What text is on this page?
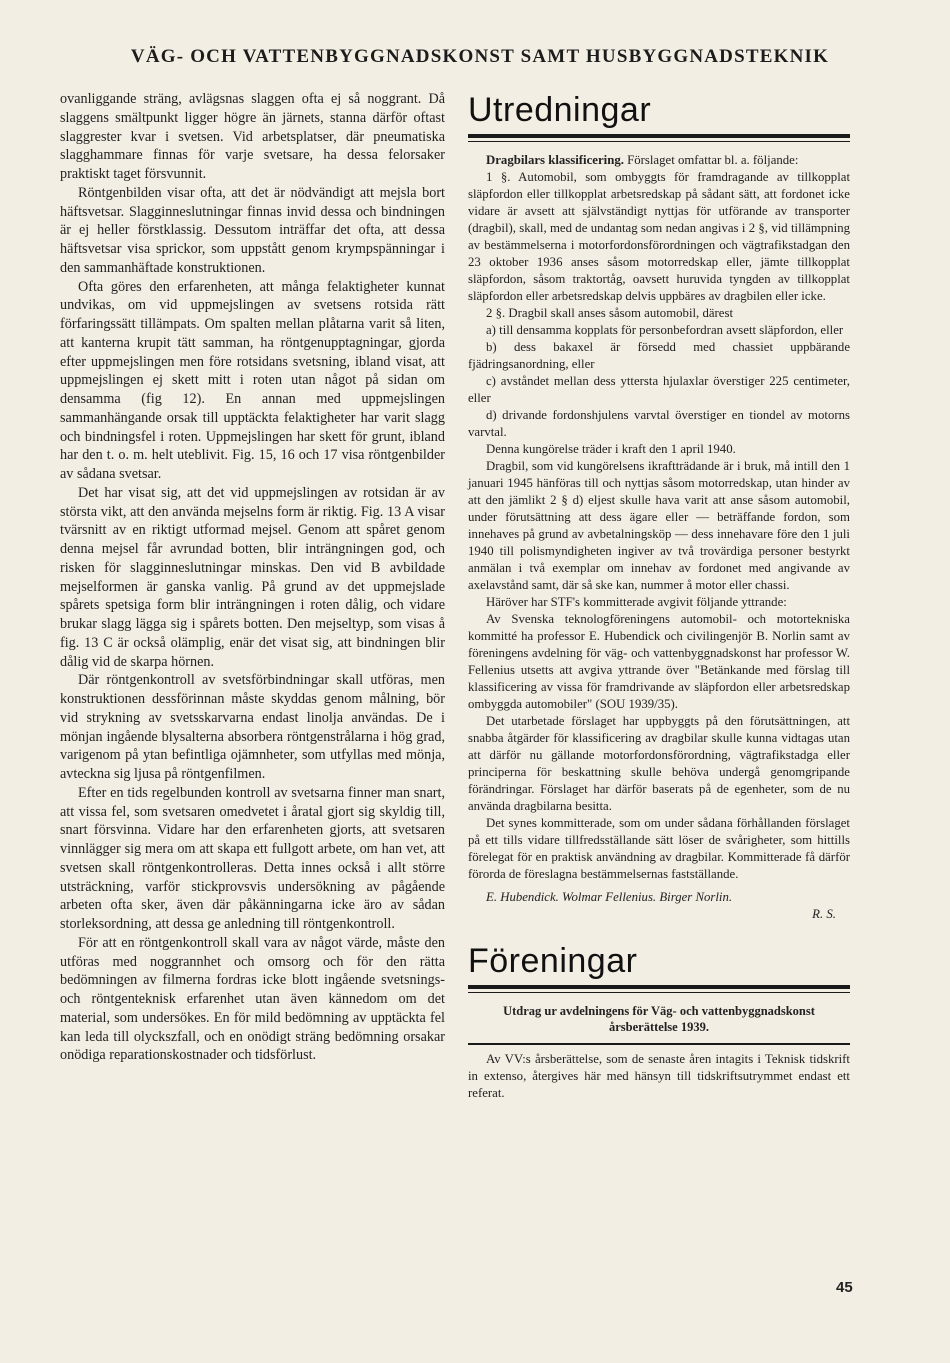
VÄG- OCH VATTENBYGGNADSKONST SAMT HUSBYGGNADSTEKNIK

ovanliggande sträng, avlägsnas slaggen ofta ej så noggrant. Då slaggens smältpunkt ligger högre än järnets, stanna därför oftast slaggrester kvar i svetsen. Vid arbetsplatser, där pneumatiska slagghammare finnas för varje svetsare, ha dessa felorsaker praktiskt taget försvunnit.

Röntgenbilden visar ofta, att det är nödvändigt att mejsla bort häftsvetsar. Slagginneslutningar finnas invid dessa och bindningen är ej heller förstklassig. Dessutom inträffar det ofta, att dessa häftsvetsar visa sprickor, som uppstått genom krympspänningar i den sammanhäftade konstruktionen.

Ofta göres den erfarenheten, att många felaktigheter kunnat undvikas, om vid uppmejslingen av svetsens rotsida rätt förfaringssätt tillämpats. Om spalten mellan plåtarna varit så liten, att kanterna krupit tätt samman, ha röntgenupptagningar, gjorda efter uppmejslingen men före rotsidans svetsning, ibland visat, att uppmejslingen ej skett mitt i roten utan något på sidan om densamma (fig 12). En annan med uppmejslingen sammanhängande orsak till upptäckta felaktigheter har varit slagg och bindningsfel i roten. Uppmejslingen har skett för grunt, ibland har den t. o. m. helt uteblivit. Fig. 15, 16 och 17 visa röntgenbilder av sådana svetsar.

Det har visat sig, att det vid uppmejslingen av rotsidan är av största vikt, att den använda mejselns form är riktig. Fig. 13 A visar tvärsnitt av en riktigt utformad mejsel. Genom att spåret genom denna mejsel får avrundad botten, blir inträngningen god, och risken för slagginneslutningar minskas. Den vid B avbildade mejselformen är ganska vanlig. På grund av det uppmejslade spårets spetsiga form blir inträngningen i roten dålig, och vidare brukar slagg lägga sig i spårets botten. Den mejseltyp, som visas å fig. 13 C är också olämplig, enär det visat sig, att bindningen blir dålig vid de skarpa hörnen.

Där röntgenkontroll av svetsförbindningar skall utföras, men konstruktionen dessförinnan måste skyddas genom målning, bör vid strykning av svetsskarvarna endast linolja användas. De i mönjan ingående blysalterna absorbera röntgenstrålarna i hög grad, varigenom på ytan befintliga ojämnheter, som utfyllas med mönja, avteckna sig ljusa på röntgenfilmen.

Efter en tids regelbunden kontroll av svetsarna finner man snart, att vissa fel, som svetsaren omedvetet i åratal gjort sig skyldig till, snart försvinna. Vidare har den erfarenheten gjorts, att svetsaren vinnlägger sig mera om att skapa ett fullgott arbete, om han vet, att svetsen skall röntgenkontrolleras. Detta innes också i allt större utsträckning, varför stickprovsvis undersökning av pågående arbeten ofta sker, även där påkänningarna icke äro av sådan storleksordning, att dessa ge anledning till röntgenkontroll.

För att en röntgenkontroll skall vara av något värde, måste den utföras med noggrannhet och omsorg och för den rätta bedömningen av filmerna fordras icke blott ingående svetsnings- och röntgenteknisk erfarenhet utan även kännedom om det material, som undersökes. En för mild bedömning av upptäckta fel kan leda till olyckszfall, och en onödigt sträng bedömning orsakar onödiga reparationskostnader och tidsförlust.

Utredningar

Dragbilars klassificering. Förslaget omfattar bl. a. följande:

1 §. Automobil, som ombyggts för framdragande av tillkopplat släpfordon eller tillkopplat arbetsredskap på sådant sätt, att fordonet icke vidare är avsett att självständigt nyttjas för utförande av transporter (dragbil), skall, med de undantag som nedan angivas i 2 §, vid tillämpning av bestämmelserna i motorfordonsförordningen och vägtrafikstadgan den 23 oktober 1936 anses såsom motorredskap eller, jämte tillkopplat släpfordon, såsom traktortåg, oavsett huruvida tyngden av tillkopplat släpfordon eller arbetsredskap delvis uppbäres av dragbilen eller icke.

2 §. Dragbil skall anses såsom automobil, därest

a) till densamma kopplats för personbefordran avsett släpfordon, eller

b) dess bakaxel är försedd med chassiet uppbärande fjädringsanordning, eller

c) avståndet mellan dess yttersta hjulaxlar överstiger 225 centimeter, eller

d) drivande fordonshjulens varvtal överstiger en tiondel av motorns varvtal.

Denna kungörelse träder i kraft den 1 april 1940.

Dragbil, som vid kungörelsens ikraftträdande är i bruk, må intill den 1 januari 1945 hänföras till och nyttjas såsom motorredskap, utan hinder av att den jämlikt 2 § d) eljest skulle hava varit att anse såsom automobil, under förutsättning att dess ägare eller — beträffande fordon, som innehaves på grund av avbetalningsköp — dess innehavare före den 1 juli 1940 till polismyndigheten ingiver av två trovärdiga personer bestyrkt anmälan i två exemplar om innehav av fordonet med angivande av axelavstånd samt, där så ske kan, nummer å motor eller chassi.

Häröver har STF's kommitterade avgivit följande yttrande:

Av Svenska teknologföreningens automobil- och motortekniska kommitté ha professor E. Hubendick och civilingenjör B. Norlin samt av föreningens avdelning för väg- och vattenbyggnadskonst har professor W. Fellenius utsetts att avgiva yttrande över "Betänkande med förslag till klassificering av vissa för framdrivande av släpfordon eller arbetsredskap ombyggda automobiler" (SOU 1939/35).

Det utarbetade förslaget har uppbyggts på den förutsättningen, att snabba åtgärder för klassificering av dragbilar skulle kunna vidtagas utan att därför nu gällande motorfordonsförordning, vägtrafikstadga eller principerna för beskattning skulle behöva undergå genomgripande förändringar. Förslaget har därför baserats på de egenheter, som de nu använda dragbilarna besitta.

Det synes kommitterade, som om under sådana förhållanden förslaget på ett tills vidare tillfredsställande sätt löser de svårigheter, som hittills förelegat för en praktisk användning av dragbilar. Kommitterade få därför förorda de föreslagna bestämmelsernas fastställande.

E. Hubendick. Wolmar Fellenius. Birger Norlin.

R. S.

Föreningar

Utdrag ur avdelningens för Väg- och vattenbyggnadskonst årsberättelse 1939.

Av VV:s årsberättelse, som de senaste åren intagits i Teknisk tidskrift in extenso, återgives här med hänsyn till tidskriftsutrymmet endast ett referat.

45
